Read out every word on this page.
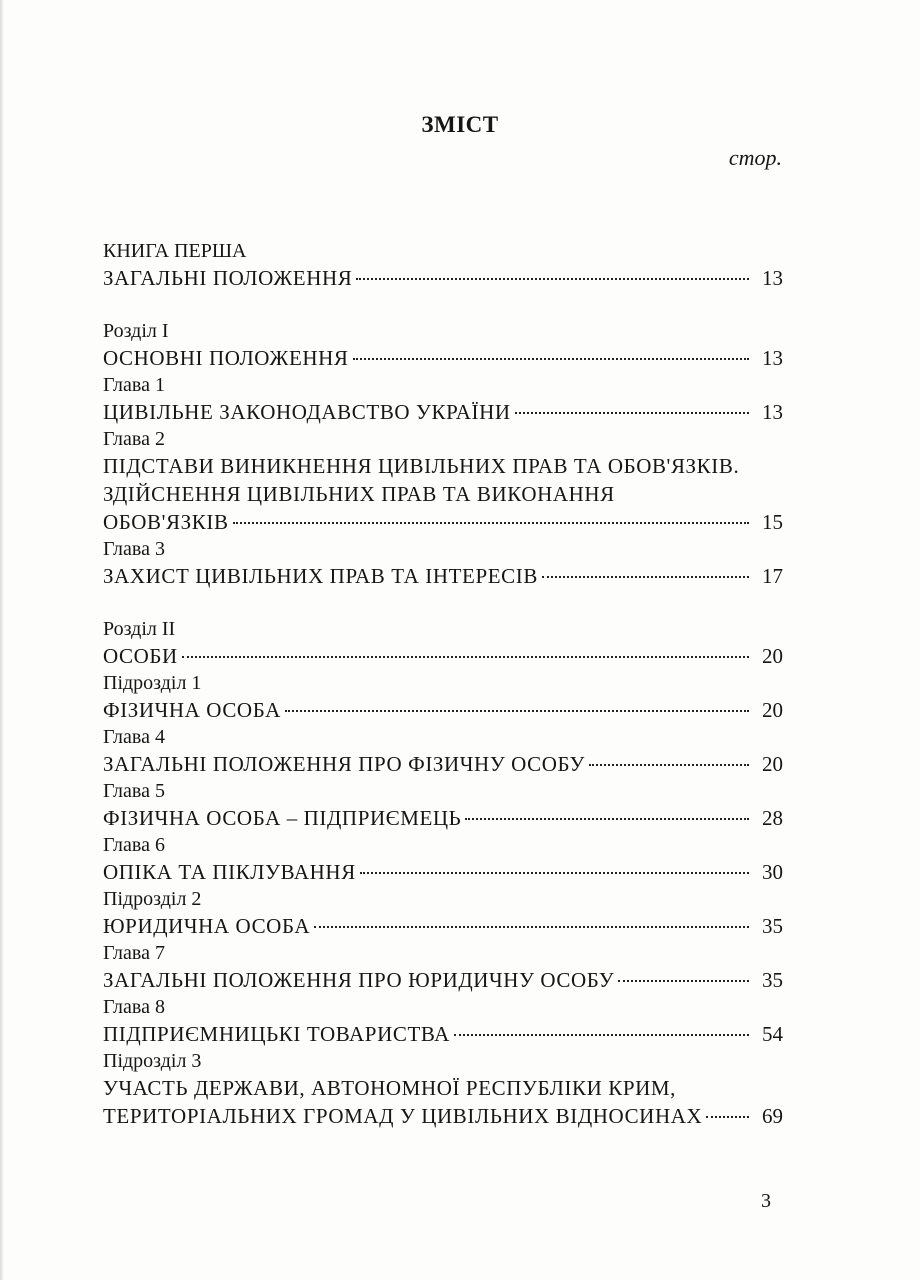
ЗМІСТ
стор.
КНИГА ПЕРША
ЗАГАЛЬНІ ПОЛОЖЕННЯ	13
Розділ I
ОСНОВНІ ПОЛОЖЕННЯ	13
Глава 1
ЦИВІЛЬНЕ ЗАКОНОДАВСТВО УКРАЇНИ	13
Глава 2
ПІДСТАВИ ВИНИКНЕННЯ ЦИВІЛЬНИХ ПРАВ ТА ОБОВ'ЯЗКІВ.
ЗДІЙСНЕННЯ ЦИВІЛЬНИХ ПРАВ ТА ВИКОНАННЯ
ОБОВ'ЯЗКІВ	15
Глава 3
ЗАХИСТ ЦИВІЛЬНИХ ПРАВ ТА ІНТЕРЕСІВ	17
Розділ II
ОСОБИ	20
Підрозділ 1
ФІЗИЧНА ОСОБА	20
Глава 4
ЗАГАЛЬНІ ПОЛОЖЕННЯ ПРО ФІЗИЧНУ ОСОБУ	20
Глава 5
ФІЗИЧНА ОСОБА – ПІДПРИЄМЕЦЬ	28
Глава 6
ОПІКА ТА ПІКЛУВАННЯ	30
Підрозділ 2
ЮРИДИЧНА ОСОБА	35
Глава 7
ЗАГАЛЬНІ ПОЛОЖЕННЯ ПРО ЮРИДИЧНУ ОСОБУ	35
Глава 8
ПІДПРИЄМНИЦЬКІ ТОВАРИСТВА	54
Підрозділ 3
УЧАСТЬ ДЕРЖАВИ, АВТОНОМНОЇ РЕСПУБЛІКИ КРИМ,
ТЕРИТОРІАЛЬНИХ ГРОМАД У ЦИВІЛЬНИХ ВІДНОСИНАХ	69
3
